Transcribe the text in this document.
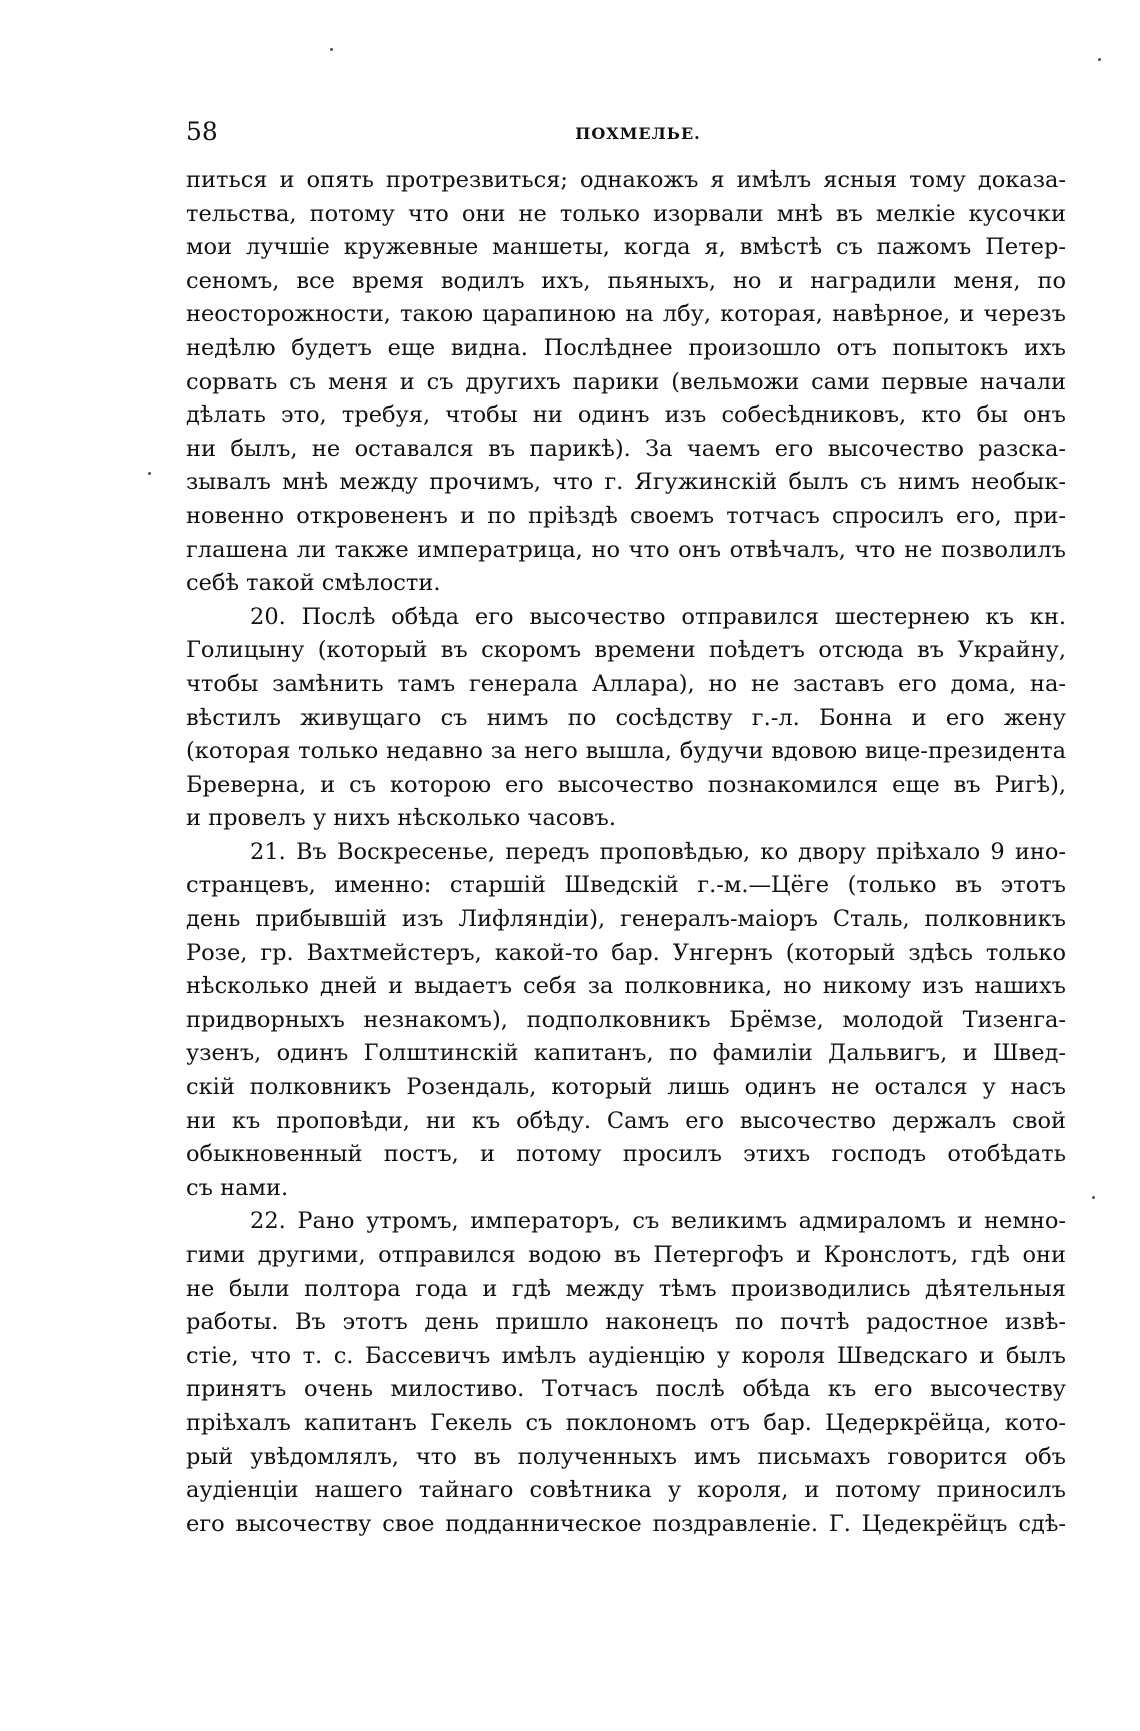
58	ПОХМЕЛЬЕ.
питься и опять протрезвиться; однакожъ я имѣлъ ясныя тому доказа-
тельства, потому что они не только изорвали мнѣ въ мелкіе кусочки
мои лучшіе кружевные маншеты, когда я, вмѣстѣ съ пажомъ Петер-
сеномъ, все время водилъ ихъ, пьяныхъ, но и наградили меня, по
неосторожности, такою царапиною на лбу, которая, навѣрное, и черезъ
недѣлю будетъ еще видна. Послѣднее произошло отъ попытокъ ихъ
сорвать съ меня и съ другихъ парики (вельможи сами первые начали
дѣлать это, требуя, чтобы ни одинъ изъ собесѣдниковъ, кто бы онъ
ни былъ, не оставался въ парикѣ). За чаемъ его высочество разска-
зывалъ мнѣ между прочимъ, что г. Ягужинскій былъ съ нимъ необык-
новенно откровененъ и по пріѣздѣ своемъ тотчасъ спросилъ его, при-
глашена ли также императрица, но что онъ отвѣчалъ, что не позволилъ
себѣ такой смѣлости.
20. Послѣ обѣда его высочество отправился шестернею къ кн.
Голицыну (который въ скоромъ времени поѣдетъ отсюда въ Украйну,
чтобы замѣнить тамъ генерала Аллара), но не заставъ его дома, на-
вѣстилъ живущаго съ нимъ по сосѣдству г.-л. Бонна и его жену
(которая только недавно за него вышла, будучи вдовою вице-президента
Бреверна, и съ которою его высочество познакомился еще въ Ригѣ),
и провелъ у нихъ нѣсколько часовъ.
21. Въ Воскресенье, передъ проповѣдью, ко двору пріѣхало 9 ино-
странцевъ, именно: старшій Шведскій г.-м.—Цёге (только въ этотъ
день прибывшій изъ Лифляндіи), генералъ-маіоръ Сталь, полковникъ
Розе, гр. Вахтмейстеръ, какой-то бар. Унгернъ (который здѣсь только
нѣсколько дней и выдаетъ себя за полковника, но никому изъ нашихъ
придворныхъ незнакомъ), подполковникъ Брёмзе, молодой Тизенга-
узенъ, одинъ Голштинскій капитанъ, по фамиліи Дальвигъ, и Швед-
скій полковникъ Розендаль, который лишь одинъ не остался у насъ
ни къ проповѣди, ни къ обѣду. Самъ его высочество держалъ свой
обыкновенный постъ, и потому просилъ этихъ господъ отобѣдать
съ нами.
22. Рано утромъ, императоръ, съ великимъ адмираломъ и немно-
гими другими, отправился водою въ Петергофъ и Кронслотъ, гдѣ они
не были полтора года и гдѣ между тѣмъ производились дѣятельныя
работы. Въ этотъ день пришло наконецъ по почтѣ радостное извѣ-
стіе, что т. с. Бассевичъ имѣлъ аудіенцію у короля Шведскаго и былъ
принятъ очень милостиво. Тотчасъ послѣ обѣда къ его высочеству
пріѣхалъ капитанъ Гекель съ поклономъ отъ бар. Цедеркрёйца, кото-
рый увѣдомлялъ, что въ полученныхъ имъ письмахъ говорится объ
аудіенціи нашего тайнаго совѣтника у короля, и потому приносилъ
его высочеству свое подданническое поздравленіе. Г. Цедекрёйцъ сдѣ-
